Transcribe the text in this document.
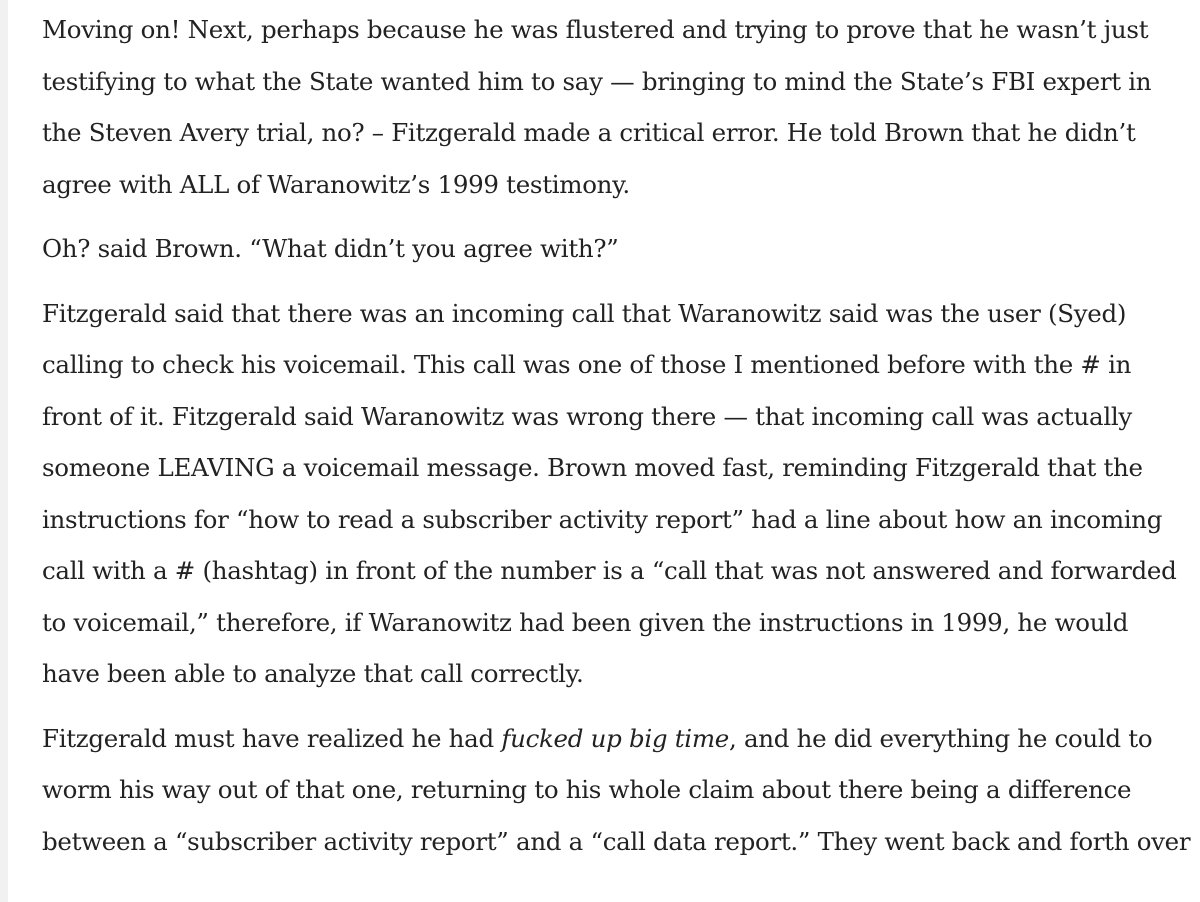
Moving on! Next, perhaps because he was flustered and trying to prove that he wasn’t just
testifying to what the State wanted him to say — bringing to mind the State’s FBI expert in
the Steven Avery trial, no? – Fitzgerald made a critical error. He told Brown that he didn’t
agree with ALL of Waranowitz’s 1999 testimony.

Oh? said Brown. “What didn’t you agree with?”

Fitzgerald said that there was an incoming call that Waranowitz said was the user (Syed)
calling to check his voicemail. This call was one of those I mentioned before with the # in
front of it. Fitzgerald said Waranowitz was wrong there — that incoming call was actually
someone LEAVING a voicemail message. Brown moved fast, reminding Fitzgerald that the
instructions for “how to read a subscriber activity report” had a line about how an incoming
call with a # (hashtag) in front of the number is a “call that was not answered and forwarded
to voicemail,” therefore, if Waranowitz had been given the instructions in 1999, he would
have been able to analyze that call correctly.

Fitzgerald must have realized he had fucked up big time, and he did everything he could to
worm his way out of that one, returning to his whole claim about there being a difference
between a “subscriber activity report” and a “call data report.” They went back and forth over
